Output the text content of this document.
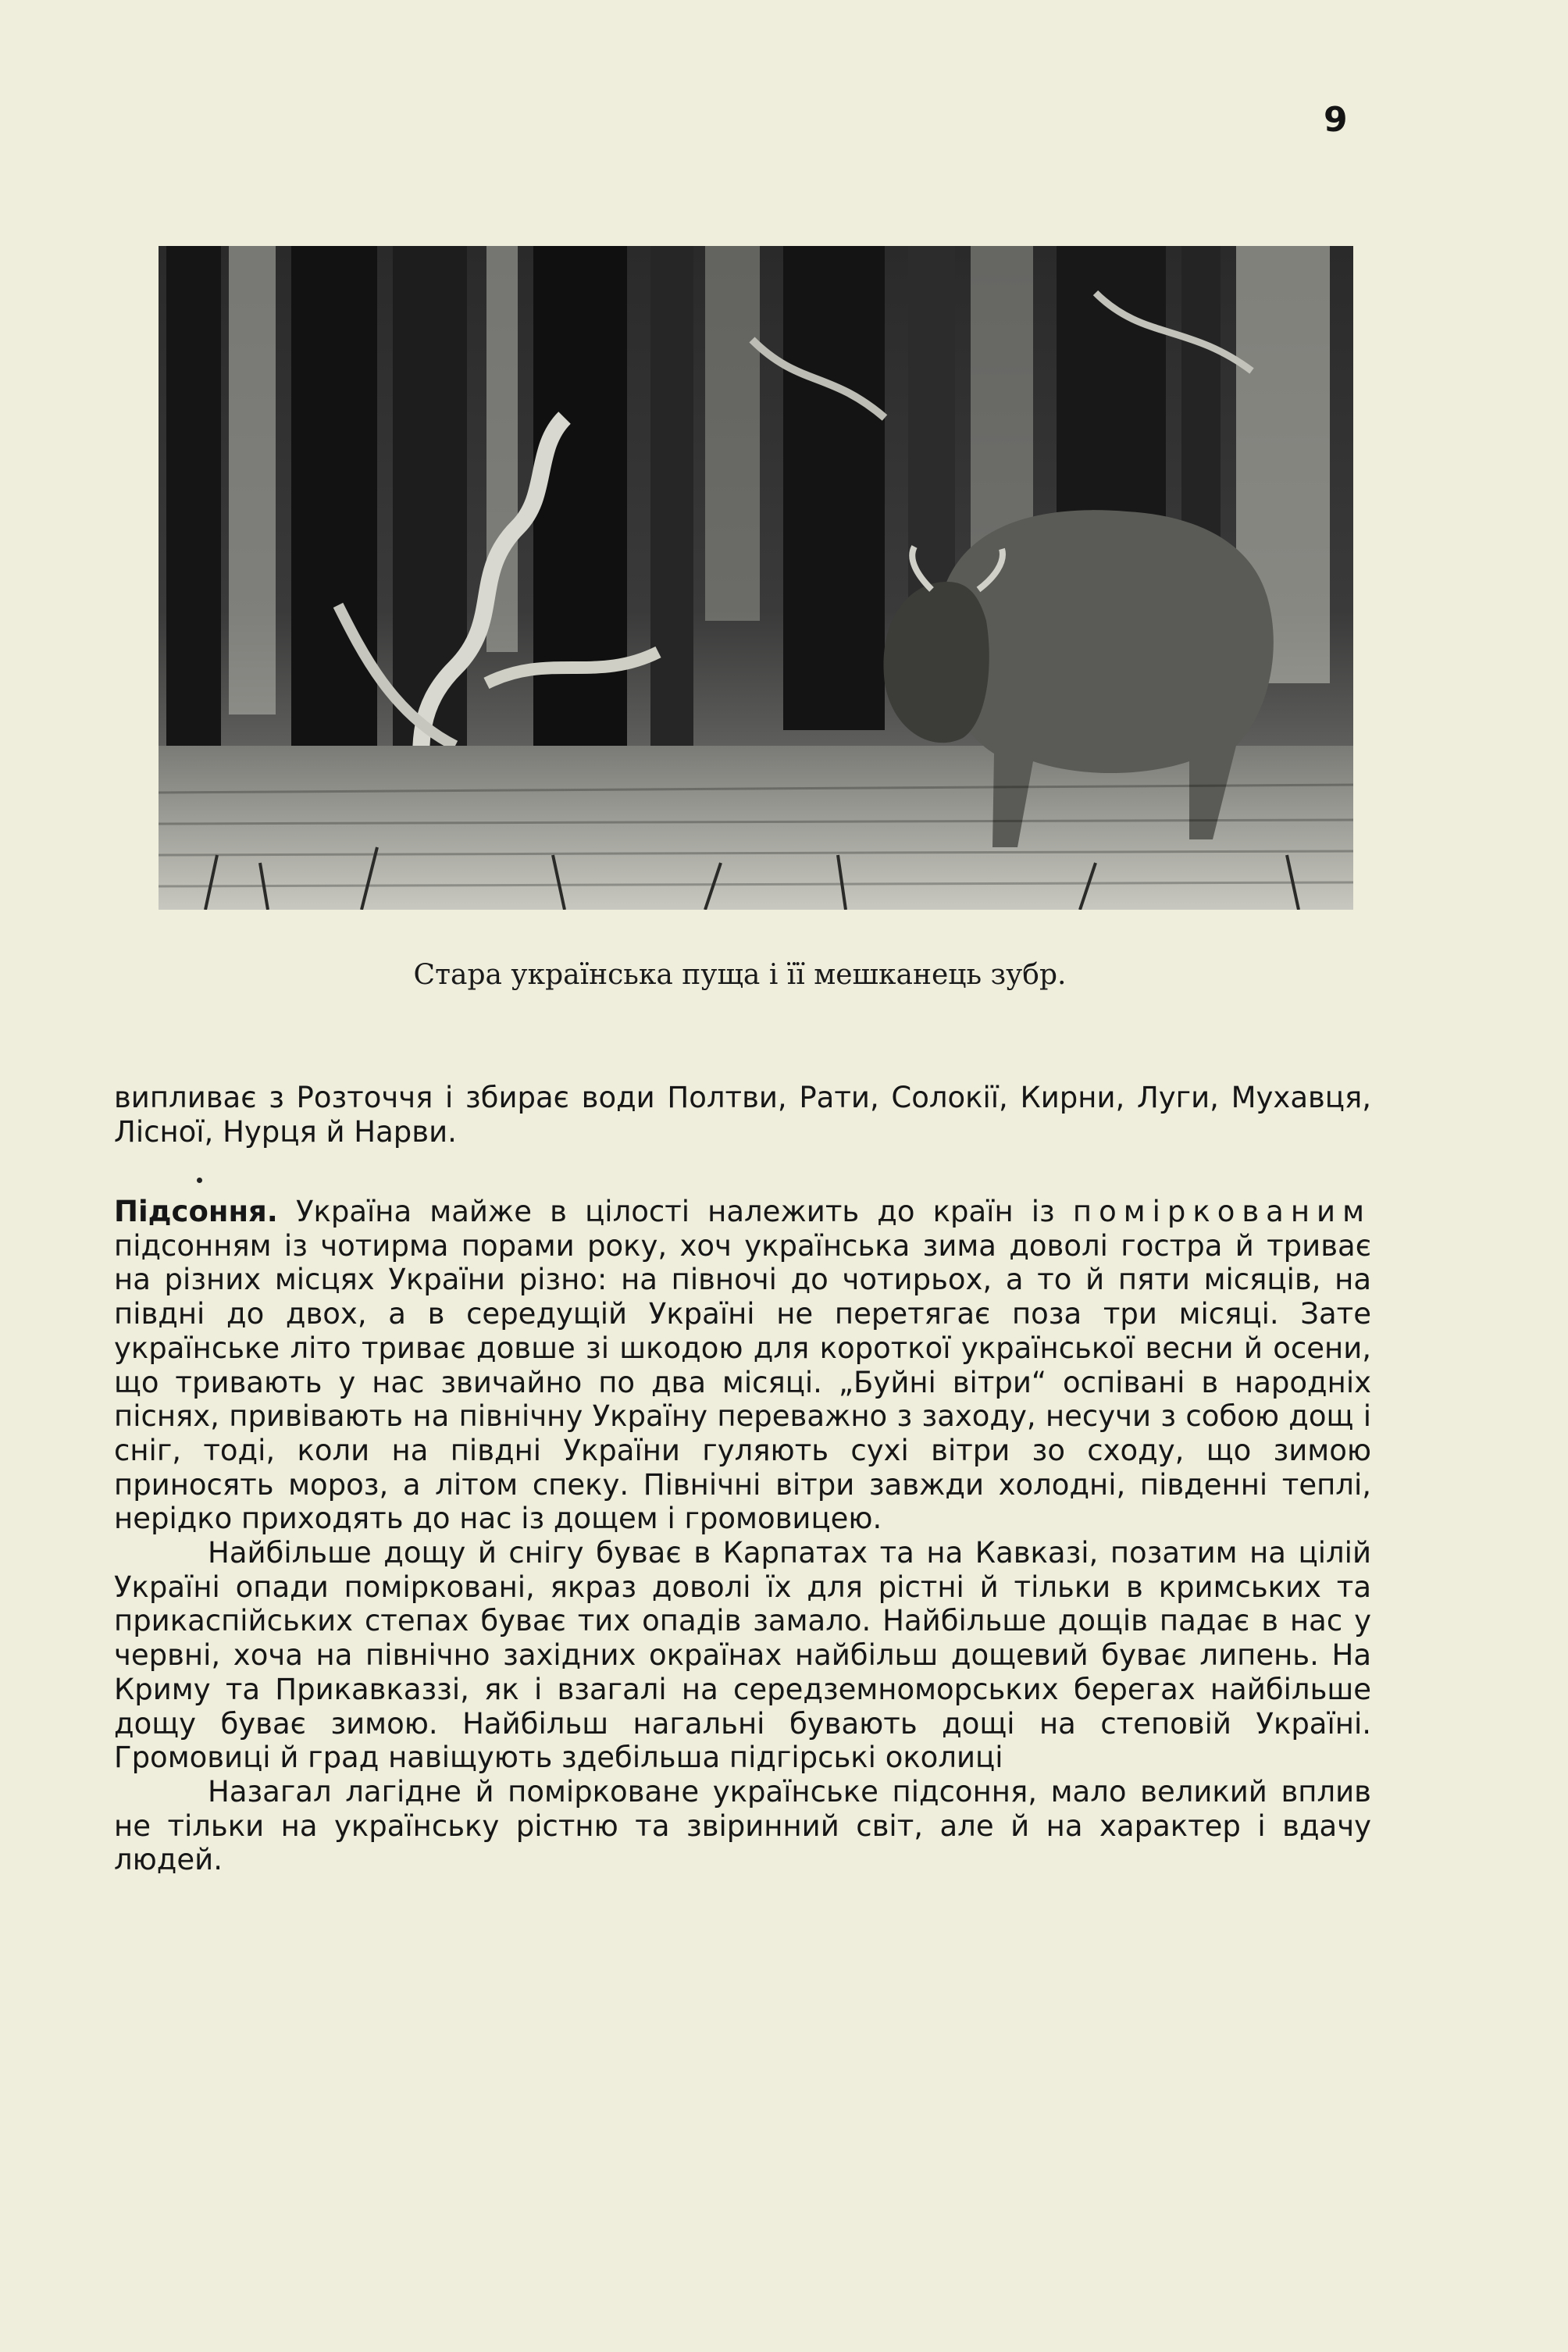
9
Стара українська пуща і її мешканець зубр.

випливає з Розточчя і збирає води Полтви, Рати, Солокії, Кирни, Луги, Мухавця, Лісної, Нурця й Нарви.

Підсоння. Україна майже в цілості належить до країн із поміркованим підсонням із чотирма порами року, хоч українська зима доволі гостра й триває на різних місцях України різно: на півночі до чотирьох, а то й пяти місяців, на півдні до двох, а в середущій Україні не перетягає поза три місяці. Зате українське літо триває довше зі шкодою для короткої української весни й осени, що тривають у нас звичайно по два місяці. „Буйні вітри“ оспівані в народніх піснях, привівають на північну Україну переважно з заходу, несучи з собою дощ і сніг, тоді, коли на півдні України гуляють сухі вітри зо сходу, що зимою приносять мороз, а літом спеку. Північні вітри завжди холодні, південні теплі, нерідко приходять до нас із дощем і громовицею.

Найбільше дощу й снігу буває в Карпатах та на Кавказі, позатим на цілій Україні опади помірковані, якраз доволі їх для рістні й тільки в кримських та прикаспійських степах буває тих опадів замало. Найбільше дощів падає в нас у червні, хоча на північно західних окраїнах найбільш дощевий буває липень. На Криму та Прикавказзі, як і взагалі на середземноморських берегах найбільше дощу буває зимою. Найбільш нагальні бувають дощі на степовій Україні. Громовиці й град навіщують здебільша підгірські околиці

Назагал лагідне й помірковане українське підсоння, мало великий вплив не тільки на українську рістню та звіринний світ, але й на характер і вдачу людей.
